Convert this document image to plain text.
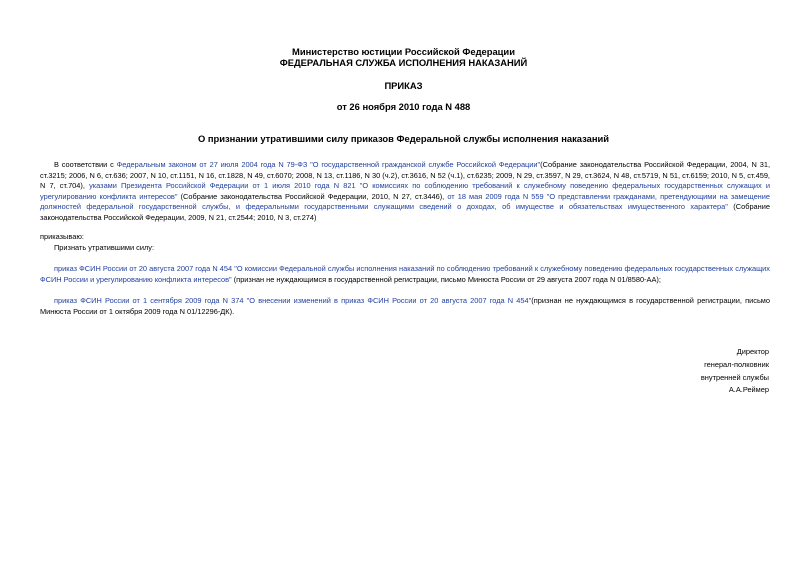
Министерство юстиции Российской Федерации
ФЕДЕРАЛЬНАЯ СЛУЖБА ИСПОЛНЕНИЯ НАКАЗАНИЙ
ПРИКАЗ
от 26 ноября 2010 года N 488
О признании утратившими силу приказов Федеральной службы исполнения наказаний
В соответствии с Федеральным законом от 27 июля 2004 года N 79-ФЗ "О государственной гражданской службе Российской Федерации"(Собрание законодательства Российской Федерации, 2004, N 31, ст.3215; 2006, N 6, ст.636; 2007, N 10, ст.1151, N 16, ст.1828, N 49, ст.6070; 2008, N 13, ст.1186, N 30 (ч.2), ст.3616, N 52 (ч.1), ст.6235; 2009, N 29, ст.3597, N 29, ст.3624, N 48, ст.5719, N 51, ст.6159; 2010, N 5, ст.459, N 7, ст.704), указами Президента Российской Федерации от 1 июля 2010 года N 821 "О комиссиях по соблюдению требований к служебному поведению федеральных государственных служащих и урегулированию конфликта интересов" (Собрание законодательства Российской Федерации, 2010, N 27, ст.3446), от 18 мая 2009 года N 559 "О представлении гражданами, претендующими на замещение должностей федеральной государственной службы, и федеральными государственными служащими сведений о доходах, об имуществе и обязательствах имущественного характера" (Собрание законодательства Российской Федерации, 2009, N 21, ст.2544; 2010, N 3, ст.274)
приказываю:
Признать утратившими силу:
приказ ФСИН России от 20 августа 2007 года N 454 "О комиссии Федеральной службы исполнения наказаний по соблюдению требований к служебному поведению федеральных государственных служащих ФСИН России и урегулированию конфликта интересов" (признан не нуждающимся в государственной регистрации, письмо Минюста России от 29 августа 2007 года N 01/8580-АА);
приказ ФСИН России от 1 сентября 2009 года N 374 "О внесении изменений в приказ ФСИН России от 20 августа 2007 года N 454"(признан не нуждающимся в государственной регистрации, письмо Минюста России от 1 октября 2009 года N 01/12296-ДК).
Директор
генерал-полковник
внутренней службы
А.А.Реймер
